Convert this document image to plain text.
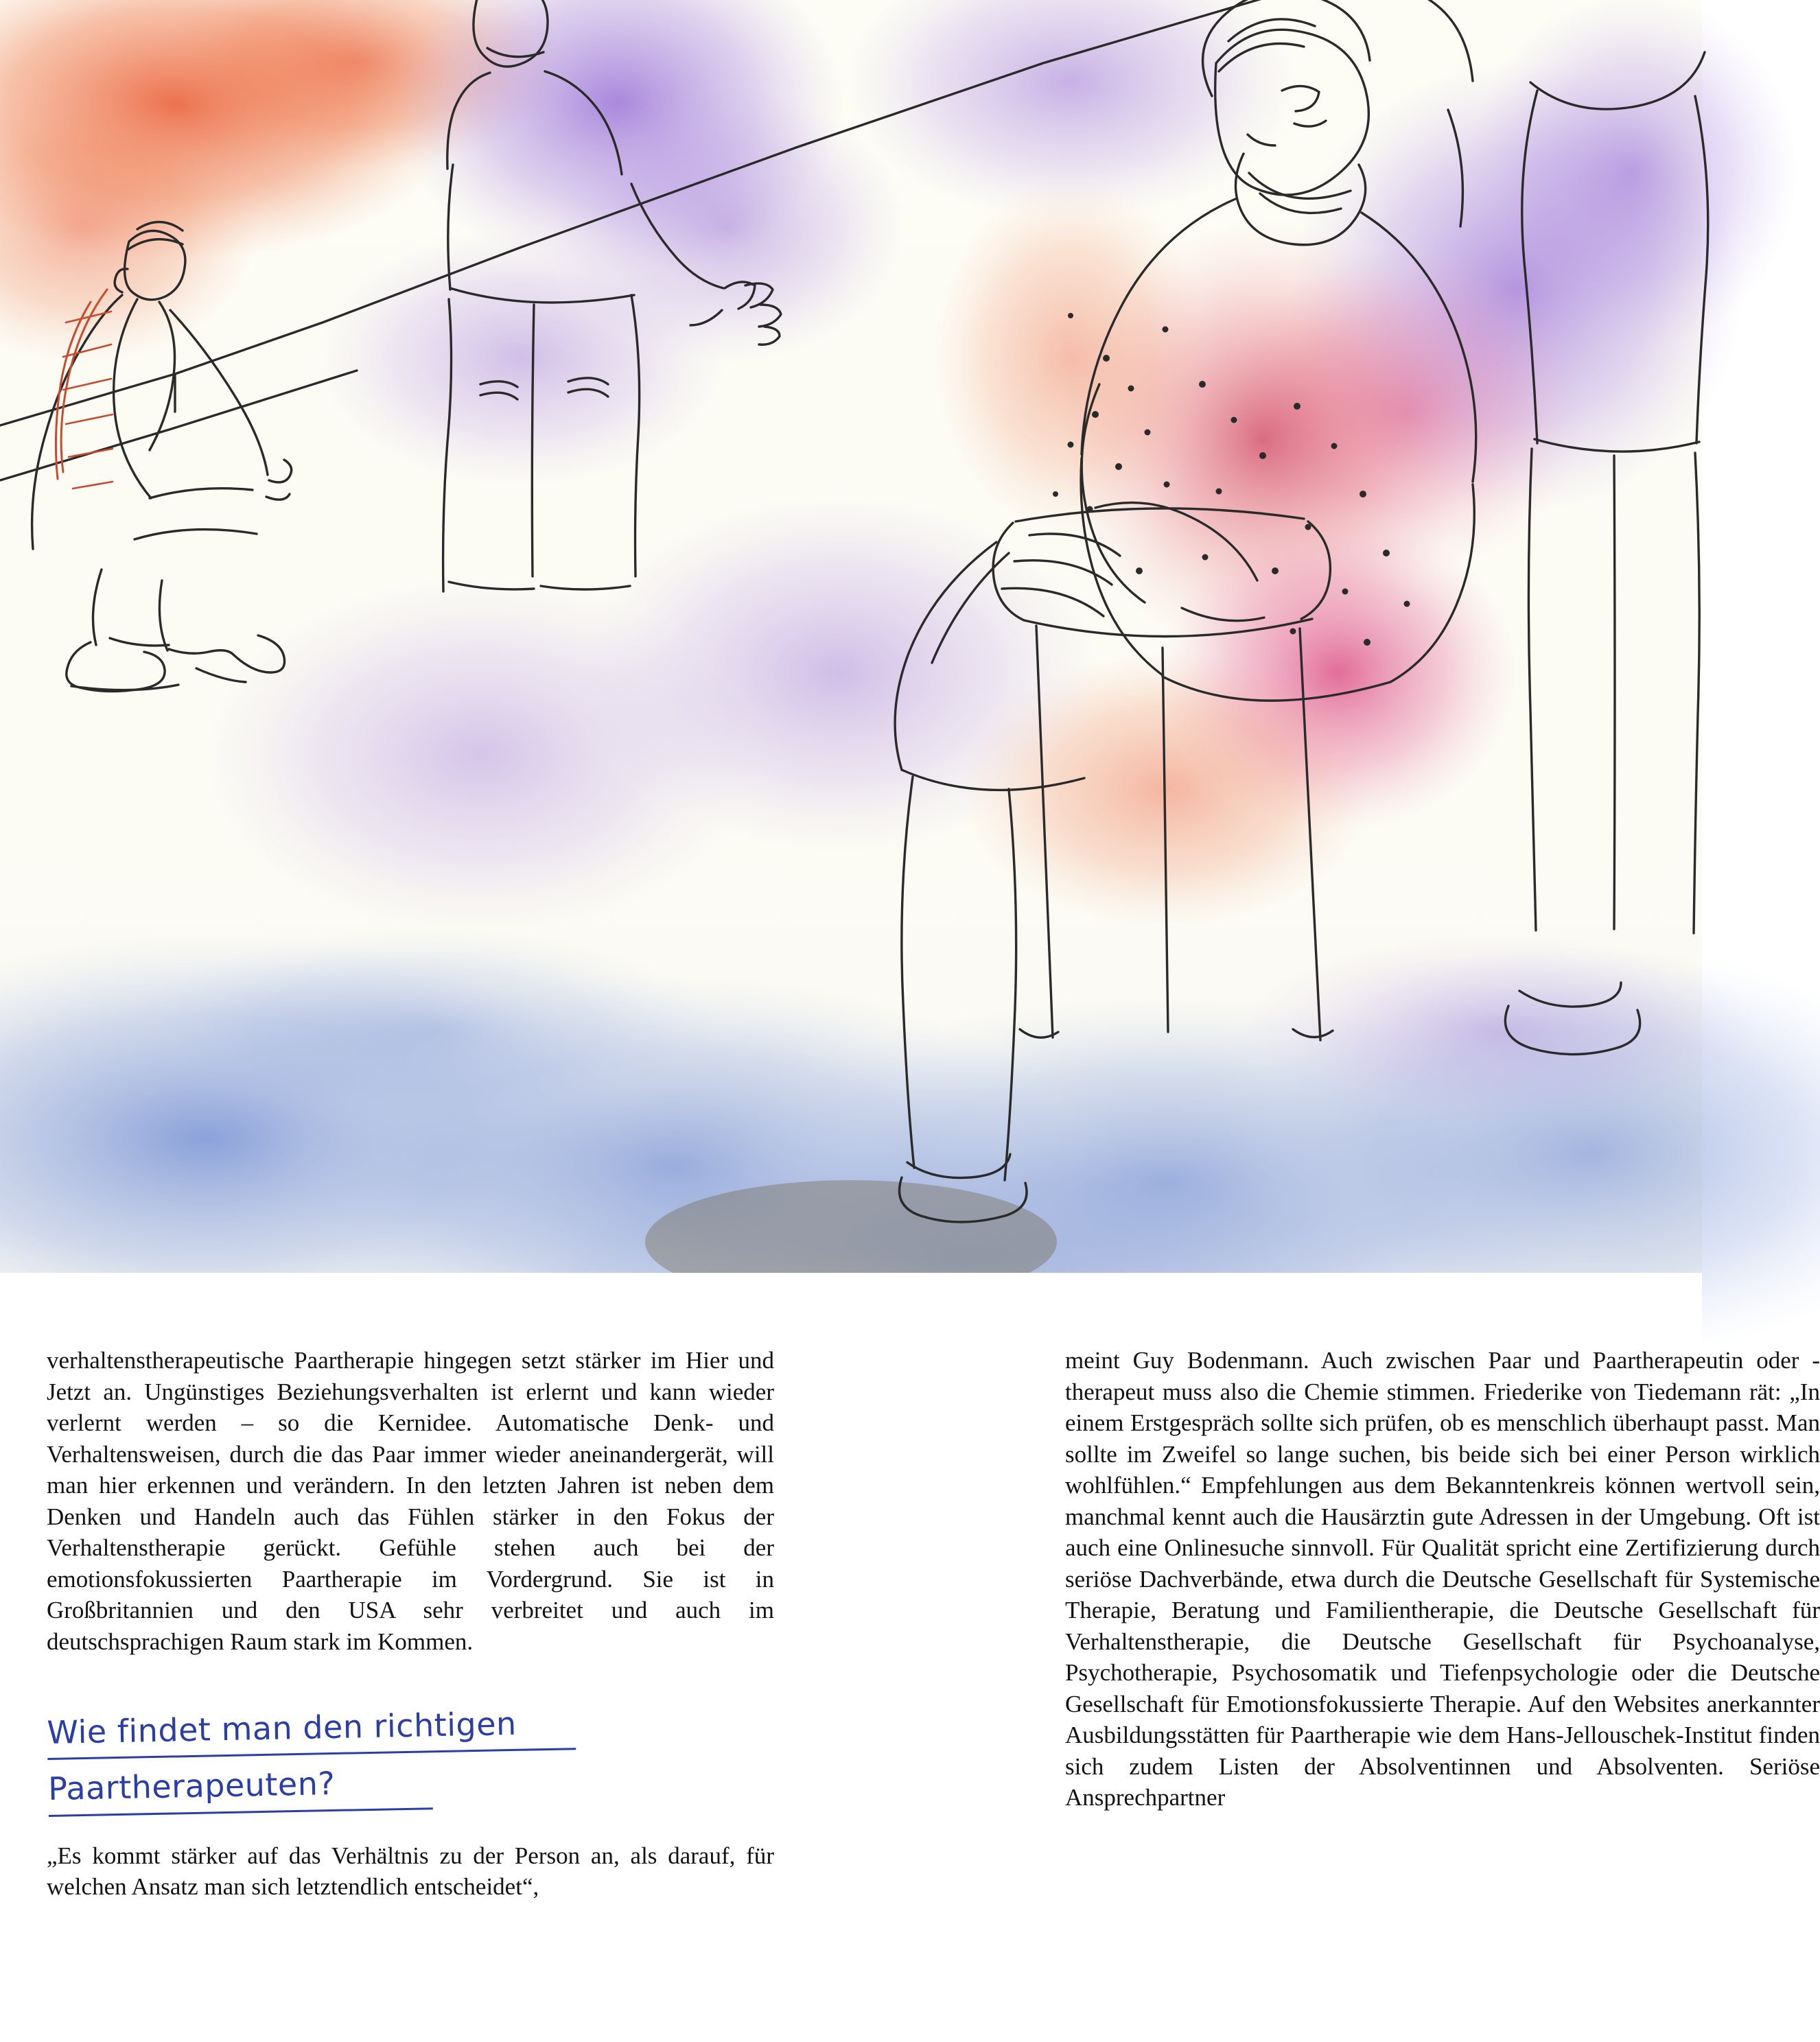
verhaltenstherapeutische Paartherapie hingegen setzt stärker im Hier und Jetzt an. Ungünstiges Beziehungsverhalten ist erlernt und kann wieder verlernt werden – so die Kernidee. Automatische Denk- und Verhaltensweisen, durch die das Paar immer wieder aneinandergerät, will man hier erkennen und verändern. In den letzten Jahren ist neben dem Denken und Handeln auch das Fühlen stärker in den Fokus der Verhaltenstherapie gerückt. Gefühle stehen auch bei der emotionsfokussierten Paartherapie im Vordergrund. Sie ist in Großbritannien und den USA sehr verbreitet und auch im deutschsprachigen Raum stark im Kommen.

Wie findet man den richtigen
Paartherapeuten?

„Es kommt stärker auf das Verhältnis zu der Person an, als darauf, für welchen Ansatz man sich letztendlich entscheidet“,

meint Guy Bodenmann. Auch zwischen Paar und Paartherapeutin oder -therapeut muss also die Chemie stimmen. Friederike von Tiedemann rät: „In einem Erstgespräch sollte sich prüfen, ob es menschlich überhaupt passt. Man sollte im Zweifel so lange suchen, bis beide sich bei einer Person wirklich wohlfühlen.“ Empfehlungen aus dem Bekanntenkreis können wertvoll sein, manchmal kennt auch die Hausärztin gute Adressen in der Umgebung. Oft ist auch eine Onlinesuche sinnvoll. Für Qualität spricht eine Zertifizierung durch seriöse Dachverbände, etwa durch die Deutsche Gesellschaft für Systemische Therapie, Beratung und Familientherapie, die Deutsche Gesellschaft für Verhaltenstherapie, die Deutsche Gesellschaft für Psychoanalyse, Psychotherapie, Psychosomatik und Tiefenpsychologie oder die Deutsche Gesellschaft für Emotionsfokussierte Therapie. Auf den Websites anerkannter Ausbildungsstätten für Paartherapie wie dem Hans-Jellouschek-Institut finden sich zudem Listen der Absolventinnen und Absolventen. Seriöse Ansprechpartner
